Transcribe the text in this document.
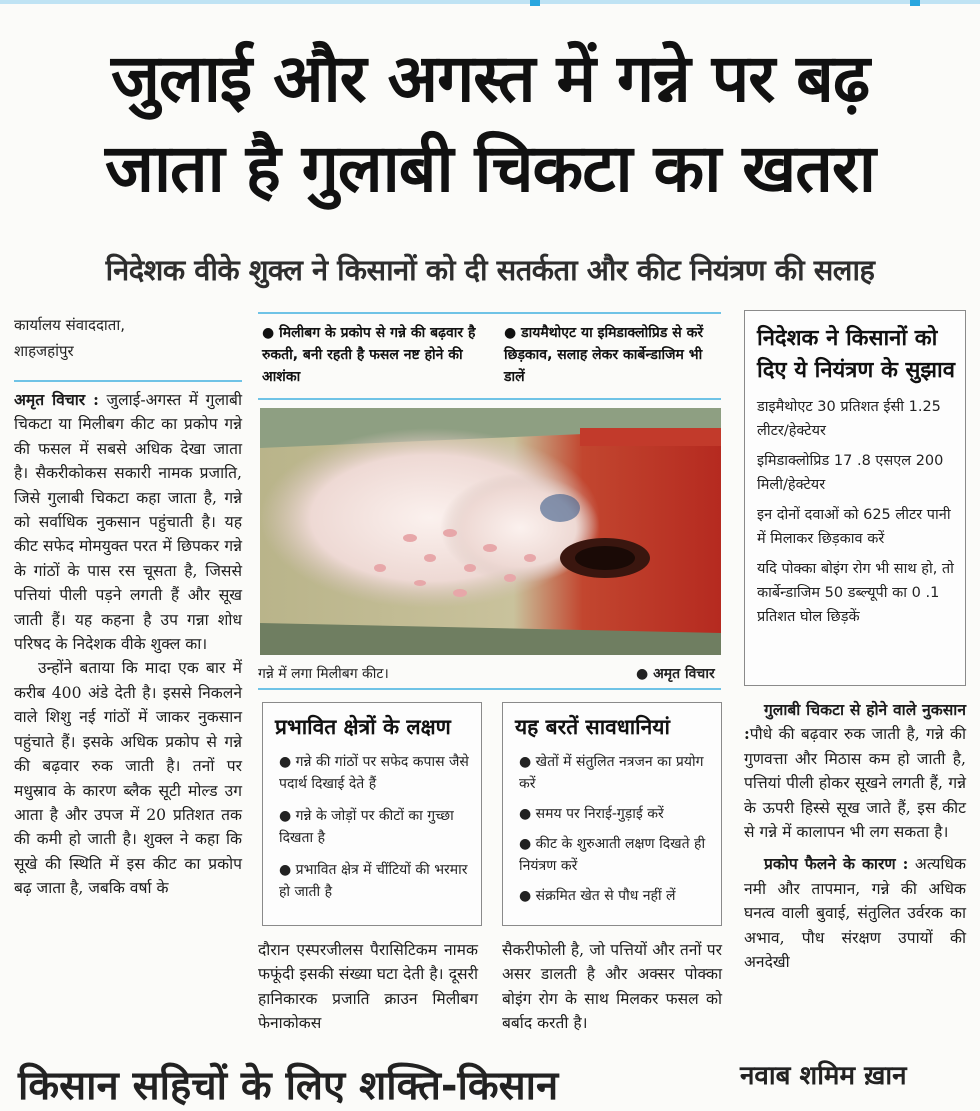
जुलाई और अगस्त में गन्ने पर बढ़
जाता है गुलाबी चिकटा का खतरा
निदेशक वीके शुक्ल ने किसानों को दी सतर्कता और कीट नियंत्रण की सलाह
कार्यालय संवाददाता,
शाहजहांपुर

अमृत विचार : जुलाई-अगस्त में गुलाबी चिकटा या मिलीबग कीट का प्रकोप गन्ने की फसल में सबसे अधिक देखा जाता है। सैकरीकोकस सकारी नामक प्रजाति, जिसे गुलाबी चिकटा कहा जाता है, गन्ने को सर्वाधिक नुकसान पहुंचाती है। यह कीट सफेद मोमयुक्त परत में छिपकर गन्ने के गांठों के पास रस चूसता है, जिससे पत्तियां पीली पड़ने लगती हैं और सूख जाती हैं। यह कहना है उप गन्ना शोध परिषद के निदेशक वीके शुक्ल का।

उन्होंने बताया कि मादा एक बार में करीब 400 अंडे देती है। इससे निकलने वाले शिशु नई गांठों में जाकर नुकसान पहुंचाते हैं। इसके अधिक प्रकोप से गन्ने की बढ़वार रुक जाती है। तनों पर मधुस्राव के कारण ब्लैक सूटी मोल्ड उग आता है और उपज में 20 प्रतिशत तक की कमी हो जाती है। शुक्ल ने कहा कि सूखे की स्थिति में इस कीट का प्रकोप बढ़ जाता है, जबकि वर्षा के

● मिलीबग के प्रकोप से गन्ने की बढ़वार है रुकती, बनी रहती है फसल नष्ट होने की आशंका
● डायमैथोएट या इमिडाक्लोप्रिड से करें छिड़काव, सलाह लेकर कार्बेन्डाजिम भी डालें
गन्ने में लगा मिलीबग कीट।	● अमृत विचार
प्रभावित क्षेत्रों के लक्षण
● गन्ने की गांठों पर सफेद कपास जैसे पदार्थ दिखाई देते हैं
● गन्ने के जोड़ों पर कीटों का गुच्छा दिखता है
● प्रभावित क्षेत्र में चींटियों की भरमार हो जाती है
यह बरतें सावधानियां
● खेतों में संतुलित नत्रजन का प्रयोग करें
● समय पर निराई-गुड़ाई करें
● कीट के शुरुआती लक्षण दिखते ही नियंत्रण करें
● संक्रमित खेत से पौध नहीं लें
दौरान एस्परजीलस पैरासिटिकम नामक फफूंदी इसकी संख्या घटा देती है। दूसरी हानिकारक प्रजाति क्राउन मिलीबग फेनाकोकस
सैकरीफोली है, जो पत्तियों और तनों पर असर डालती है और अक्सर पोक्का बोइंग रोग के साथ मिलकर फसल को बर्बाद करती है।
निदेशक ने किसानों को दिए ये नियंत्रण के सुझाव
डाइमैथोएट 30 प्रतिशत ईसी 1.25 लीटर/हेक्टेयर
इमिडाक्लोप्रिड 17 .8 एसएल 200 मिली/हेक्टेयर
इन दोनों दवाओं को 625 लीटर पानी में मिलाकर छिड़काव करें
यदि पोक्का बोइंग रोग भी साथ हो, तो कार्बेन्डाजिम 50 डब्ल्यूपी का 0 .1 प्रतिशत घोल छिड़कें

गुलाबी चिकटा से होने वाले नुकसान :पौधे की बढ़वार रुक जाती है, गन्ने की गुणवत्ता और मिठास कम हो जाती है, पत्तियां पीली होकर सूखने लगती हैं, गन्ने के ऊपरी हिस्से सूख जाते हैं, इस कीट से गन्ने में कालापन भी लग सकता है।

प्रकोप फैलने के कारण : अत्यधिक नमी और तापमान, गन्ने की अधिक घनत्व वाली बुवाई, संतुलित उर्वरक का अभाव, पौध संरक्षण उपायों की अनदेखी

किसान सहिचों के लिए शक्ति-किसान	नवाब शमिम ख़ान
